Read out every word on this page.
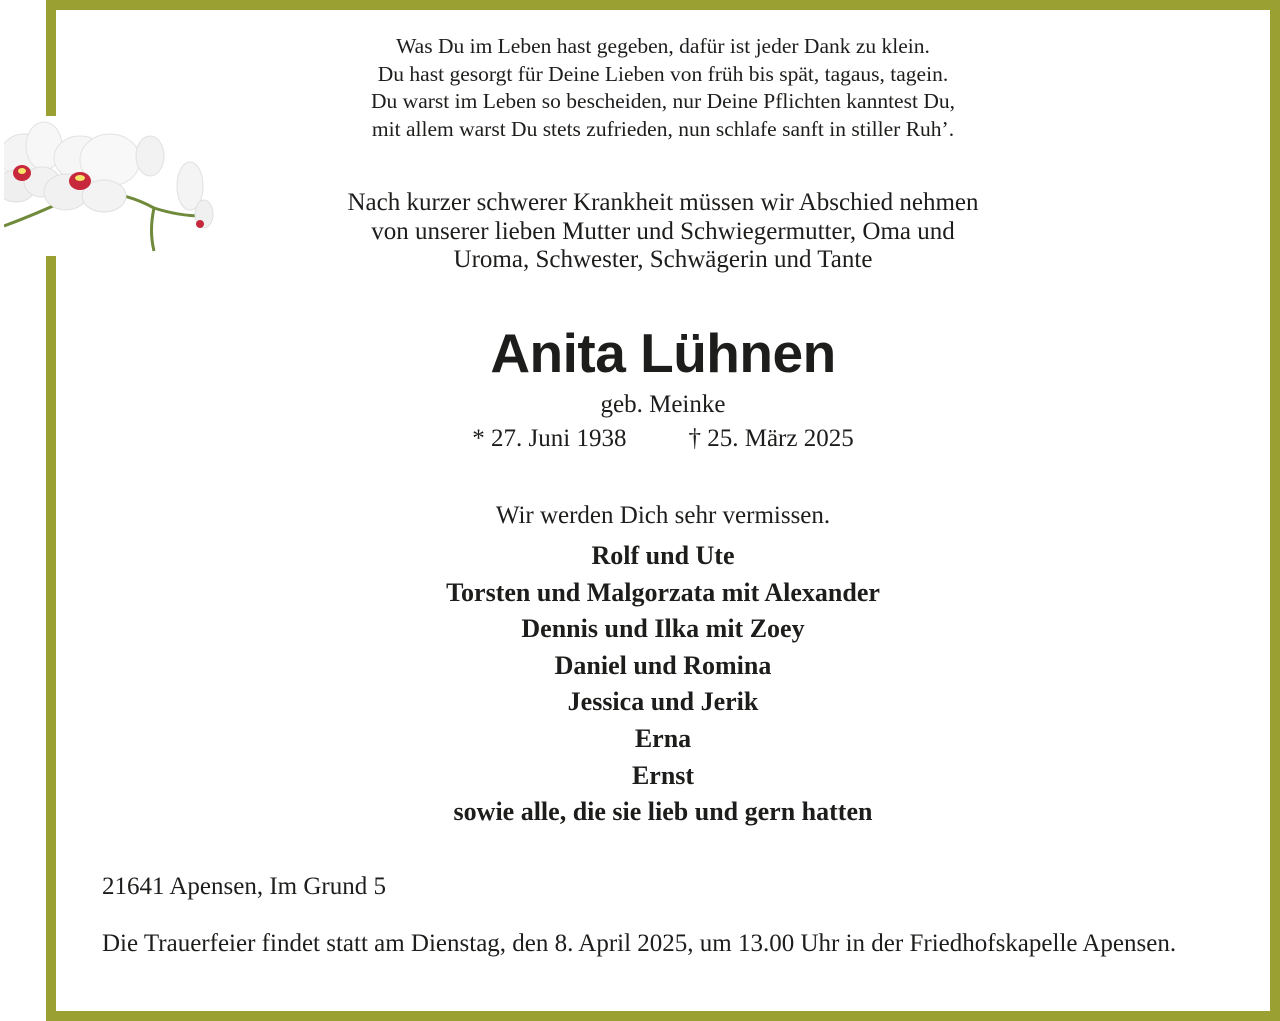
Was Du im Leben hast gegeben, dafür ist jeder Dank zu klein.
Du hast gesorgt für Deine Lieben von früh bis spät, tagaus, tagein.
Du warst im Leben so bescheiden, nur Deine Pflichten kanntest Du,
mit allem warst Du stets zufrieden, nun schlafe sanft in stiller Ruh’.
Nach kurzer schwerer Krankheit müssen wir Abschied nehmen
von unserer lieben Mutter und Schwiegermutter, Oma und
Uroma, Schwester, Schwägerin und Tante
Anita Lühnen
geb. Meinke
* 27. Juni 1938 † 25. März 2025
Wir werden Dich sehr vermissen.
Rolf und Ute
Torsten und Malgorzata mit Alexander
Dennis und Ilka mit Zoey
Daniel und Romina
Jessica und Jerik
Erna
Ernst
sowie alle, die sie lieb und gern hatten
21641 Apensen, Im Grund 5
Die Trauerfeier findet statt am Dienstag, den 8. April 2025, um 13.00 Uhr in der Friedhofskapelle Apensen.
